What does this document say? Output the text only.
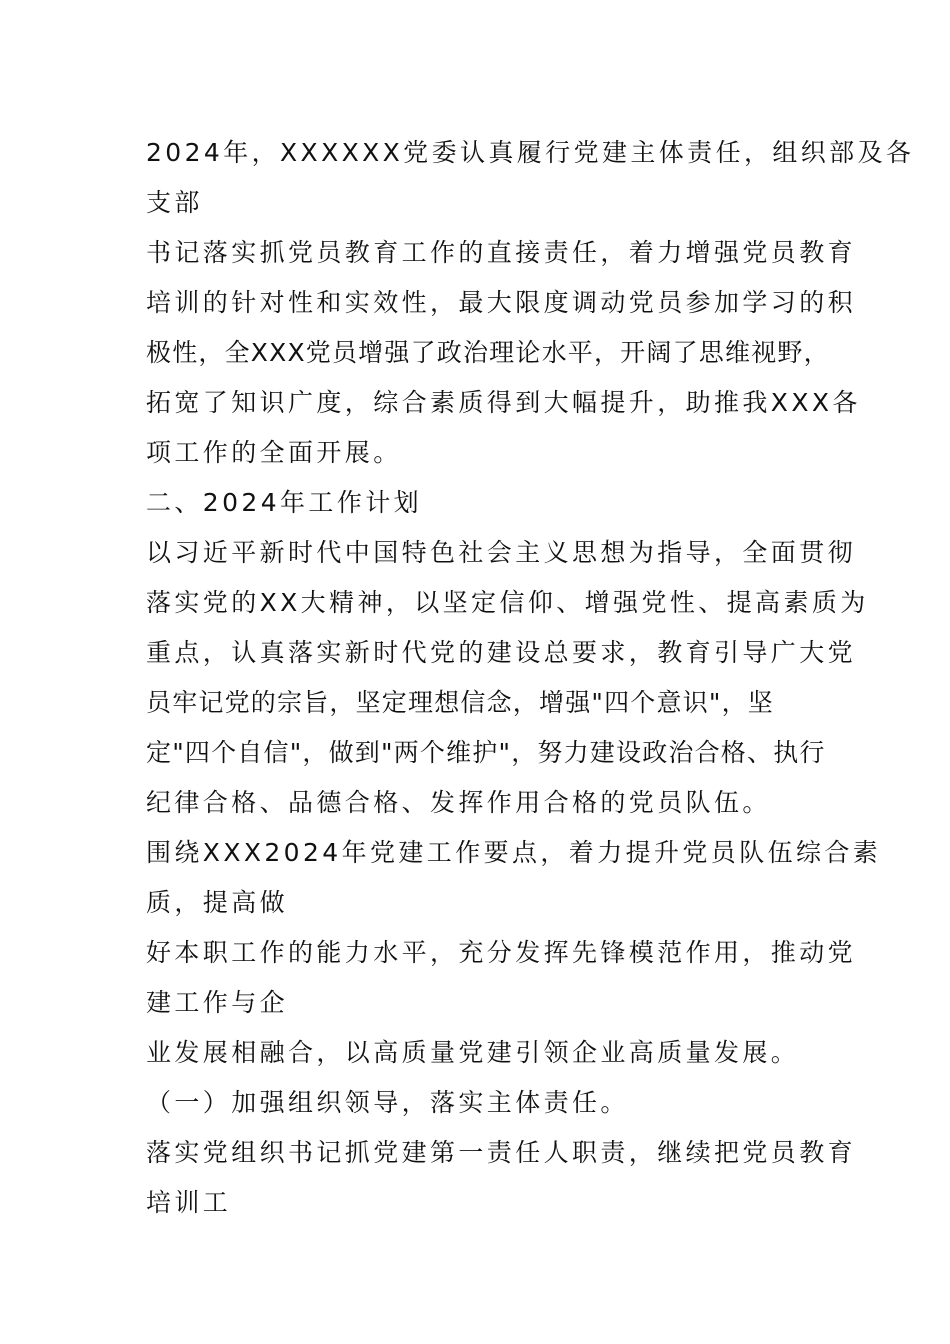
2024年，XXXXXX党委认真履行党建主体责任，组织部及各
支部
书记落实抓党员教育工作的直接责任，着力增强党员教育
培训的针对性和实效性，最大限度调动党员参加学习的积
极性，全XXX党员增强了政治理论水平，开阔了思维视野，
拓宽了知识广度，综合素质得到大幅提升，助推我XXX各
项工作的全面开展。
二、2024年工作计划
以习近平新时代中国特色社会主义思想为指导，全面贯彻
落实党的XX大精神，以坚定信仰、增强党性、提高素质为
重点，认真落实新时代党的建设总要求，教育引导广大党
员牢记党的宗旨，坚定理想信念，增强"四个意识"，坚
定"四个自信"，做到"两个维护"，努力建设政治合格、执行
纪律合格、品德合格、发挥作用合格的党员队伍。
围绕XXX2024年党建工作要点，着力提升党员队伍综合素
质，提高做
好本职工作的能力水平，充分发挥先锋模范作用，推动党
建工作与企
业发展相融合，以高质量党建引领企业高质量发展。
（一）加强组织领导，落实主体责任。
落实党组织书记抓党建第一责任人职责，继续把党员教育
培训工
